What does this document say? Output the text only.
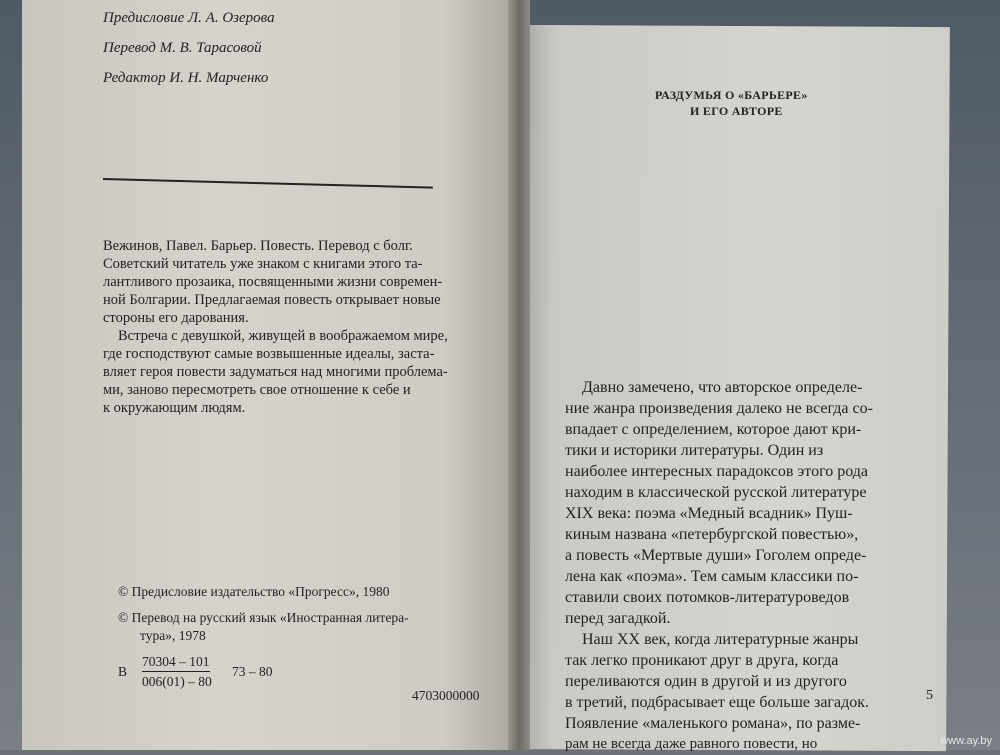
Предисловие Л. А. Озерова
Перевод М. В. Тарасовой
Редактор И. Н. Марченко
Вежинов, Павел. Барьер. Повесть. Перевод с болг.
Советский читатель уже знаком с книгами этого та-
лантливого прозаика, посвященными жизни современ-
ной Болгарии. Предлагаемая повесть открывает новые
стороны его дарования.
Встреча с девушкой, живущей в воображаемом мире,
где господствуют самые возвышенные идеалы, заста-
вляет героя повести задуматься над многими проблема-
ми, заново пересмотреть свое отношение к себе и
к окружающим людям.
© Предисловие издательство «Прогресс», 1980
© Перевод на русский язык «Иностранная литера-
тура», 1978
В
70304 – 101
006(01) – 80
73 – 80
4703000000
РАЗДУМЬЯ О «БАРЬЕРЕ»
И ЕГО АВТОРЕ
Давно замечено, что авторское определе-
ние жанра произведения далеко не всегда со-
впадает с определением, которое дают кри-
тики и историки литературы. Один из
наиболее интересных парадоксов этого рода
находим в классической русской литературе
XIX века: поэма «Медный всадник» Пуш-
киным названа «петербургской повестью»,
а повесть «Мертвые души» Гоголем опреде-
лена как «поэма». Тем самым классики по-
ставили своих потомков-литературоведов
перед загадкой.
Наш XX век, когда литературные жанры
так легко проникают друг в друга, когда
переливаются один в другой и из другого
в третий, подбрасывает еще больше загадок.
Появление «маленького романа», по разме-
рам не всегда даже равного повести, но
5
www.ay.by
